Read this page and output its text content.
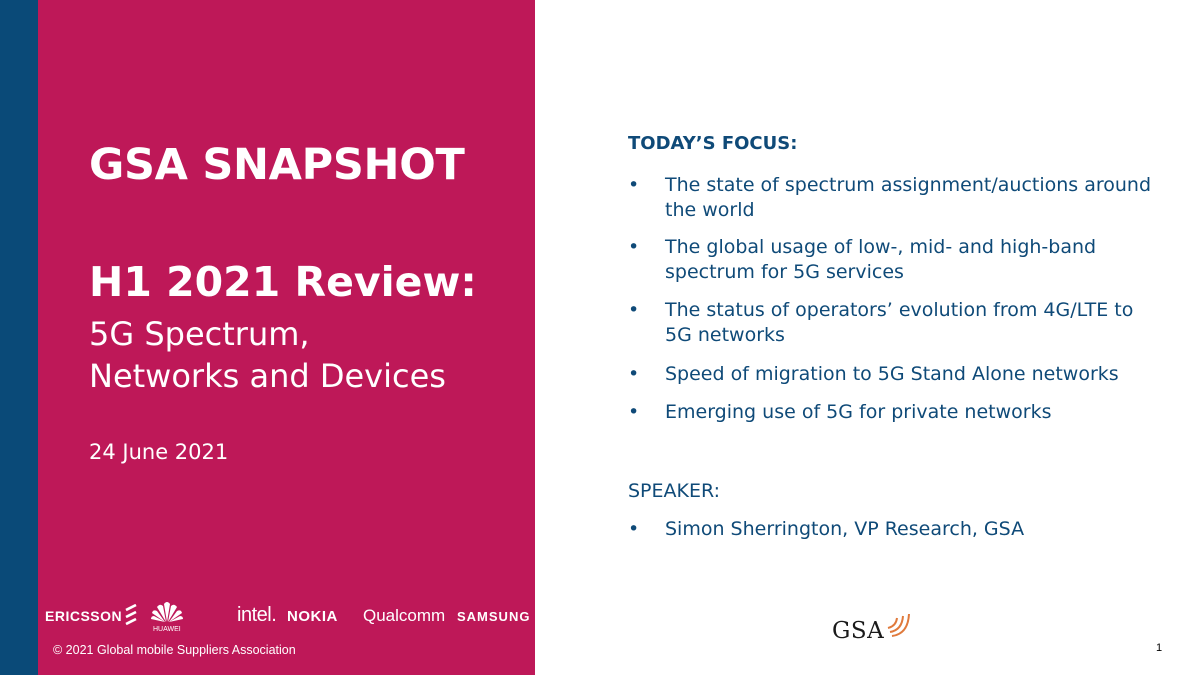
GSA SNAPSHOT
H1 2021 Review:
5G Spectrum,
Networks and Devices
24 June 2021
ERICSSON
HUAWEI
intel. NOKIA Qualcomm SAMSUNG ZTE
© 2021 Global mobile Suppliers Association
TODAY’S FOCUS:
• The state of spectrum assignment/auctions around the world
• The global usage of low-, mid- and high-band spectrum for 5G services
• The status of operators’ evolution from 4G/LTE to 5G networks
• Speed of migration to 5G Stand Alone networks
• Emerging use of 5G for private networks
SPEAKER:
• Simon Sherrington, VP Research, GSA
GSA
1
